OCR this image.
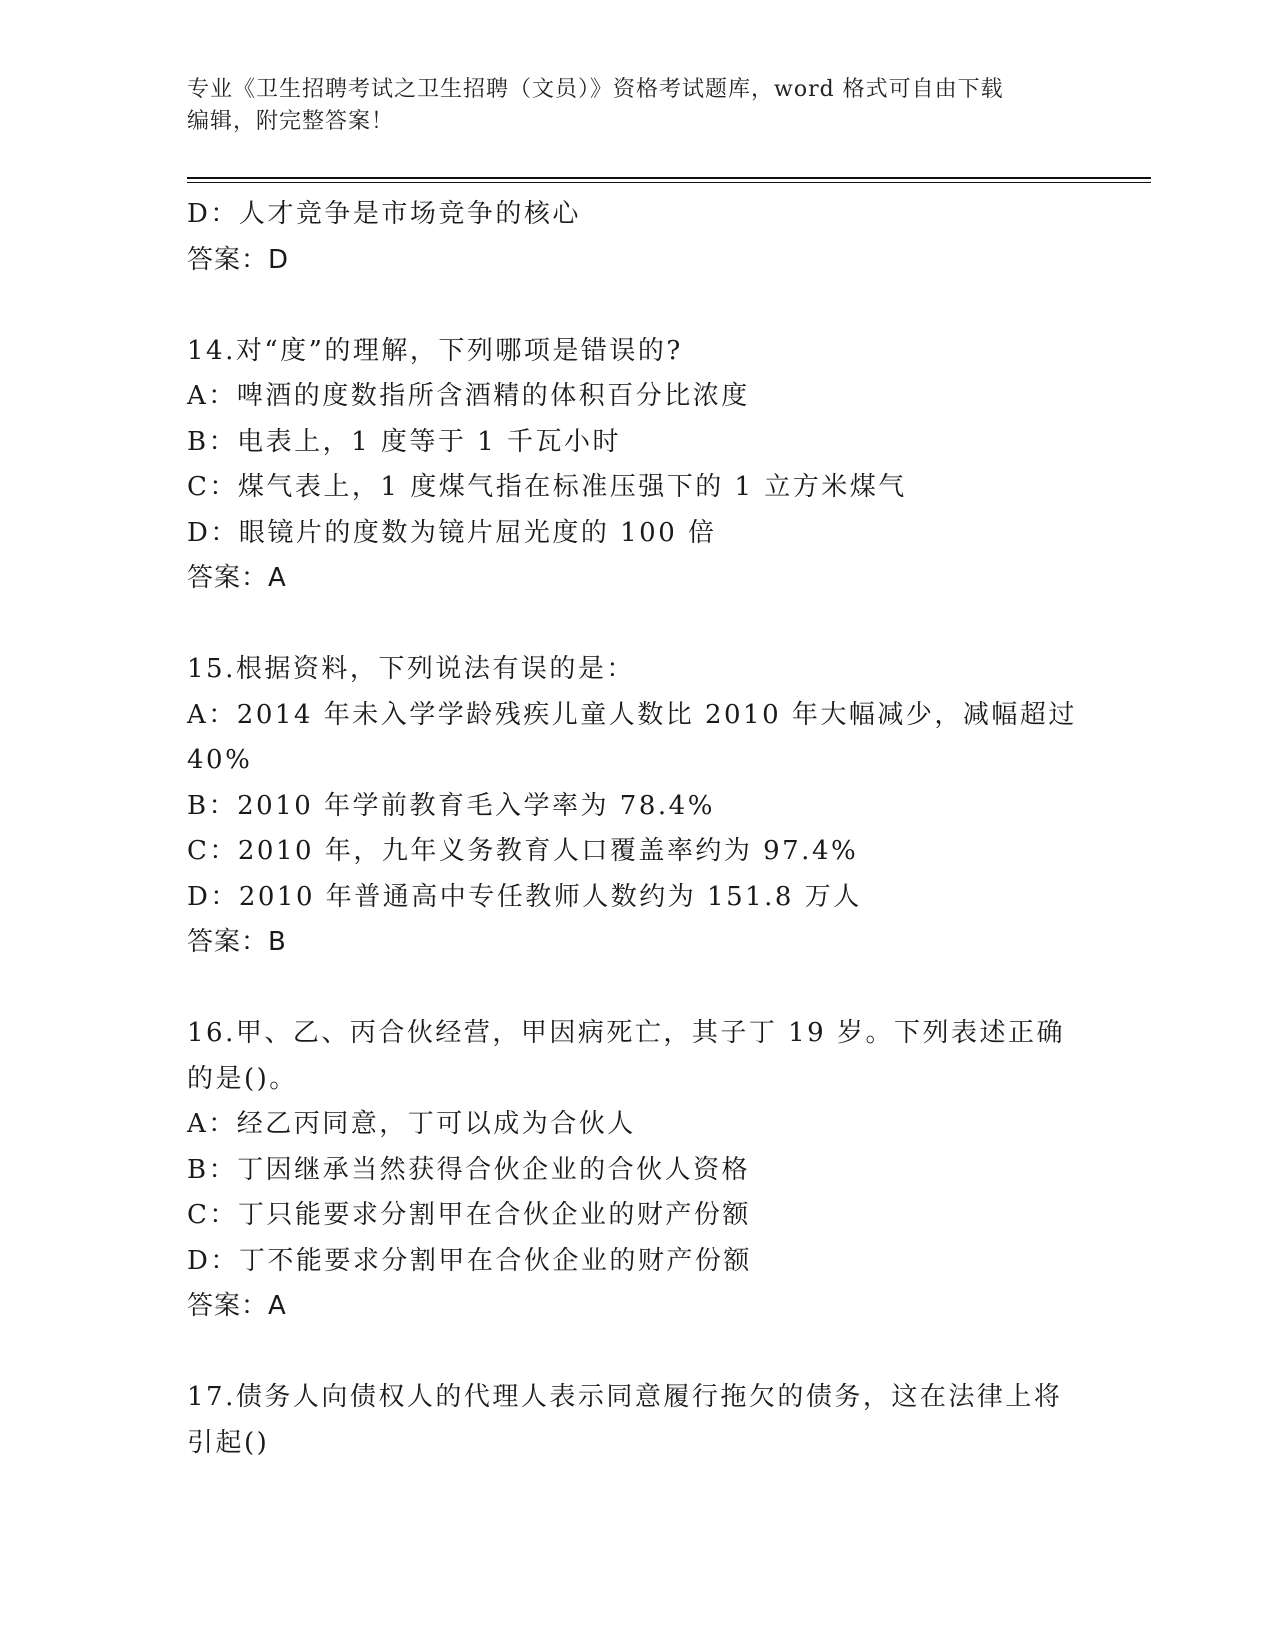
专业《卫生招聘考试之卫生招聘（文员）》资格考试题库，word 格式可自由下载
编辑，附完整答案！
D：人才竞争是市场竞争的核心
答案：D
14.对“度”的理解，下列哪项是错误的?
A：啤酒的度数指所含酒精的体积百分比浓度
B：电表上，1 度等于 1 千瓦小时
C：煤气表上，1 度煤气指在标准压强下的 1 立方米煤气
D：眼镜片的度数为镜片屈光度的 100 倍
答案：A
15.根据资料，下列说法有误的是：
A：2014 年未入学学龄残疾儿童人数比 2010 年大幅减少，减幅超过
40%
B：2010 年学前教育毛入学率为 78.4%
C：2010 年，九年义务教育人口覆盖率约为 97.4%
D：2010 年普通高中专任教师人数约为 151.8 万人
答案：B
16.甲、乙、丙合伙经营，甲因病死亡，其子丁 19 岁。下列表述正确
的是()。
A：经乙丙同意，丁可以成为合伙人
B：丁因继承当然获得合伙企业的合伙人资格
C：丁只能要求分割甲在合伙企业的财产份额
D：丁不能要求分割甲在合伙企业的财产份额
答案：A
17.债务人向债权人的代理人表示同意履行拖欠的债务，这在法律上将
引起()
